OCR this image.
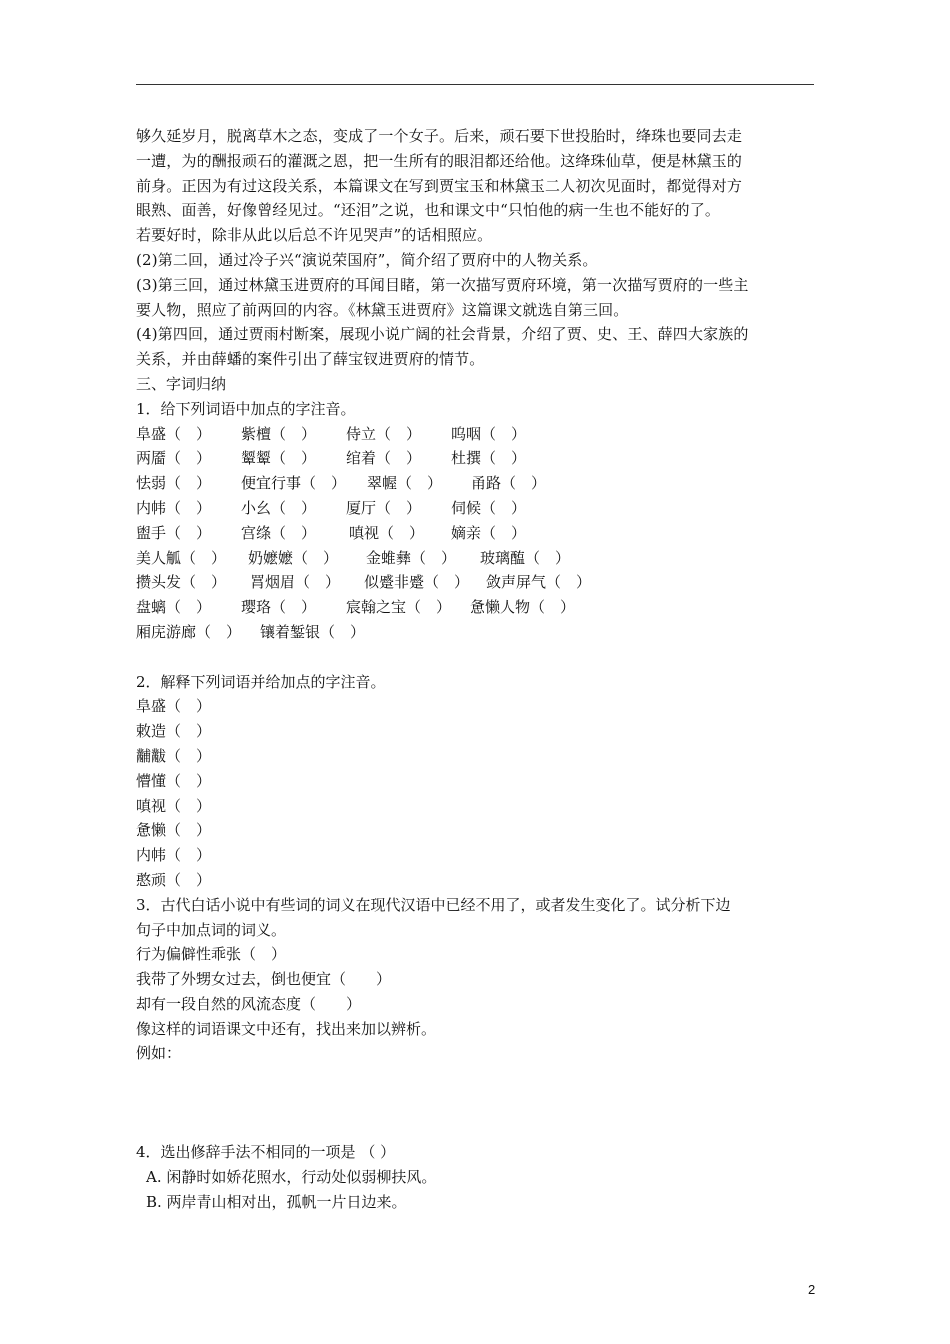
够久延岁月，脱离草木之态，变成了一个女子。后来，顽石要下世投胎时，绛珠也要同去走
一遭，为的酬报顽石的灌溉之恩，把一生所有的眼泪都还给他。这绛珠仙草，便是林黛玉的
前身。正因为有过这段关系，本篇课文在写到贾宝玉和林黛玉二人初次见面时，都觉得对方
眼熟、面善，好像曾经见过。“还泪”之说，也和课文中“只怕他的病一生也不能好的了。
若要好时，除非从此以后总不许见哭声”的话相照应。
(2)第二回，通过冷子兴“演说荣国府”，简介绍了贾府中的人物关系。
(3)第三回，通过林黛玉进贾府的耳闻目睹，第一次描写贾府环境，第一次描写贾府的一些主
要人物，照应了前两回的内容。《林黛玉进贾府》这篇课文就选自第三回。
(4)第四回，通过贾雨村断案，展现小说广阔的社会背景，介绍了贾、史、王、薛四大家族的
关系，并由薛蟠的案件引出了薛宝钗进贾府的情节。
三、字词归纳
1．给下列词语中加点的字注音。
阜盛（　）	紫檀（　）	侍立（　）	呜咽（　）
两靥（　）	颦颦（　）	绾着（　）	杜撰（　）
怯弱（　）	便宜行事（　）	翠幄（　）	甬路（　）
内帏（　）	小幺（　）	厦厅（　）	伺候（　）
盥手（　）	宫绦（　）	嗔视（　）	嫡亲（　）
美人觚（　）	奶嬷嬷（　）	金蜼彝（　）	玻璃醢（　）
攒头发（　）	罥烟眉（　）	似蹙非蹙（　）	敛声屏气（　）
盘螭（　）	璎珞（　）	宸翰之宝（　）	惫懒人物（　）
厢庑游廊（　）	镶着錾银（　）
2．解释下列词语并给加点的字注音。
阜盛（　）
敕造（　）
黼黻（　）
懵懂（　）
嗔视（　）
惫懒（　）
内帏（　）
憨顽（　）
3．古代白话小说中有些词的词义在现代汉语中已经不用了，或者发生变化了。试分析下边
句子中加点词的词义。
行为偏僻性乖张（　）
我带了外甥女过去，倒也便宜（　　）
却有一段自然的风流态度（　　）
像这样的词语课文中还有，找出来加以辨析。
例如：
4．选出修辞手法不相同的一项是 （ ）
A. 闲静时如娇花照水，行动处似弱柳扶风。
B. 两岸青山相对出，孤帆一片日边来。
2
